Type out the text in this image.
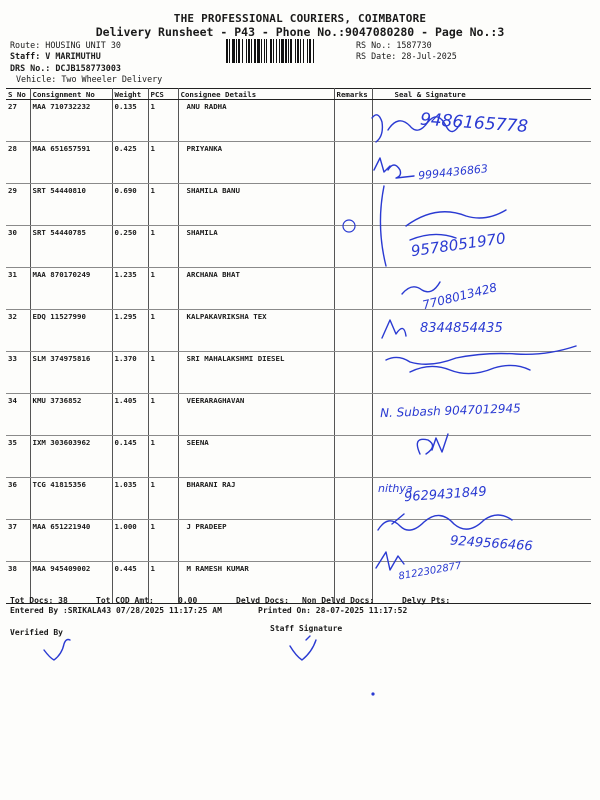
THE PROFESSIONAL COURIERS, COIMBATORE
Delivery Runsheet - P43 - Phone No.:9047080280 - Page No.:3
Route: HOUSING UNIT 30
Staff: V MARIMUTHU
DRS No.: DCJB158773003
Vehicle: Two Wheeler Delivery
RS No.: 1587730
RS Date: 28-Jul-2025
S No	Consignment No	Weight	PCS	Consignee Details	Remarks	Seal & Signature
27	MAA 710732232	0.135	1	ANU RADHA		
28	MAA 651657591	0.425	1	PRIYANKA		
29	SRT 54440810	0.690	1	SHAMILA BANU		
30	SRT 54440785	0.250	1	SHAMILA		
31	MAA 870170249	1.235	1	ARCHANA BHAT		
32	EDQ 11527990	1.295	1	KALPAKAVRIKSHA TEX		
33	SLM 374975816	1.370	1	SRI MAHALAKSHMI DIESEL		
34	KMU 3736852	1.405	1	VEERARAGHAVAN		
35	IXM 303603962	0.145	1	SEENA		
36	TCG 41815356	1.035	1	BHARANI RAJ		
37	MAA 651221940	1.000	1	J PRADEEP		
38	MAA 945409002	0.445	1	M RAMESH KUMAR		
Tot Docs: 38	Tot COD Amt:	0.00	Delvd Docs: Non Delvd Docs:	Delvy Pts:
Entered By :SRIKALA43 07/28/2025 11:17:25 AM	Printed On: 28-07-2025 11:17:52
Verified By	Staff Signature
9486165778
9994436863
9578051970
7708013428
8344854435
N. Subash 9047012945
nithya
9629431849
9249566466
8122302877
